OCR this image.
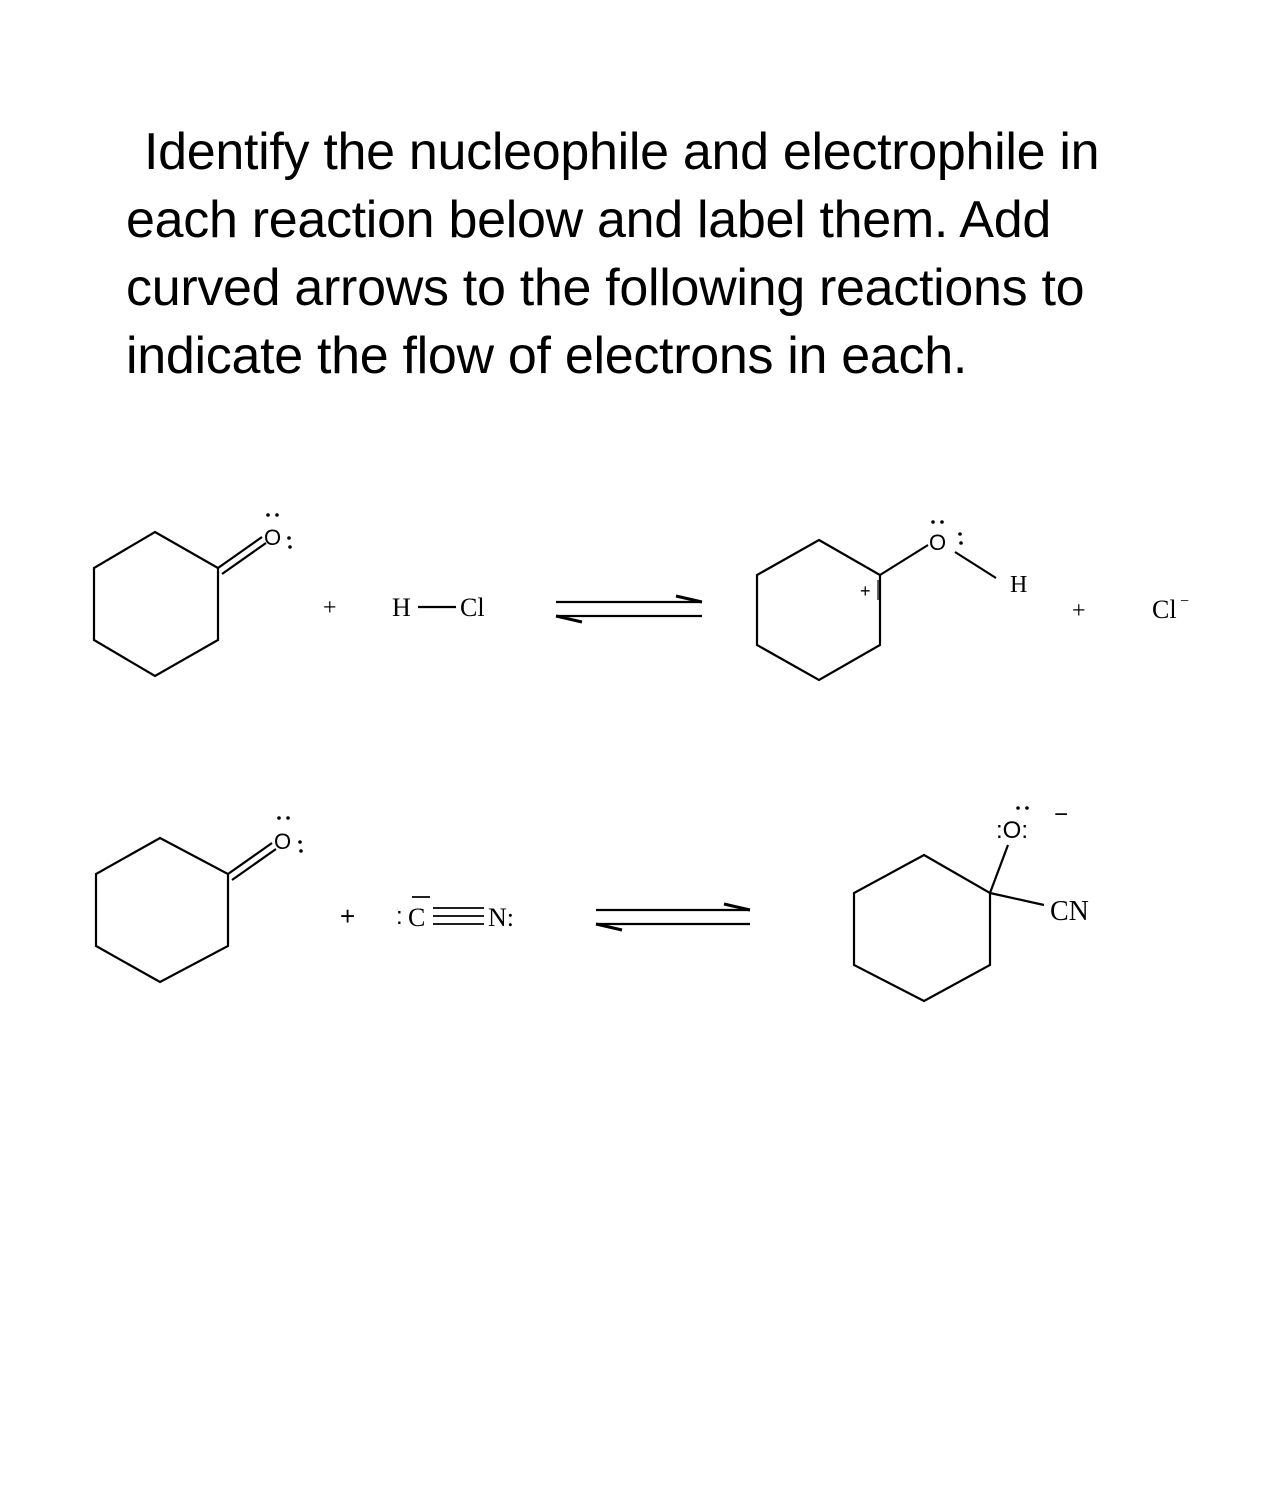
Identify the nucleophile and electrophile in
each reaction below and label them. Add
curved arrows to the following reactions to
indicate the flow of electrons in each.
O
+ H Cl
+
O
H
+	Cl −
O
+ : C N:
:O:
−
CN
